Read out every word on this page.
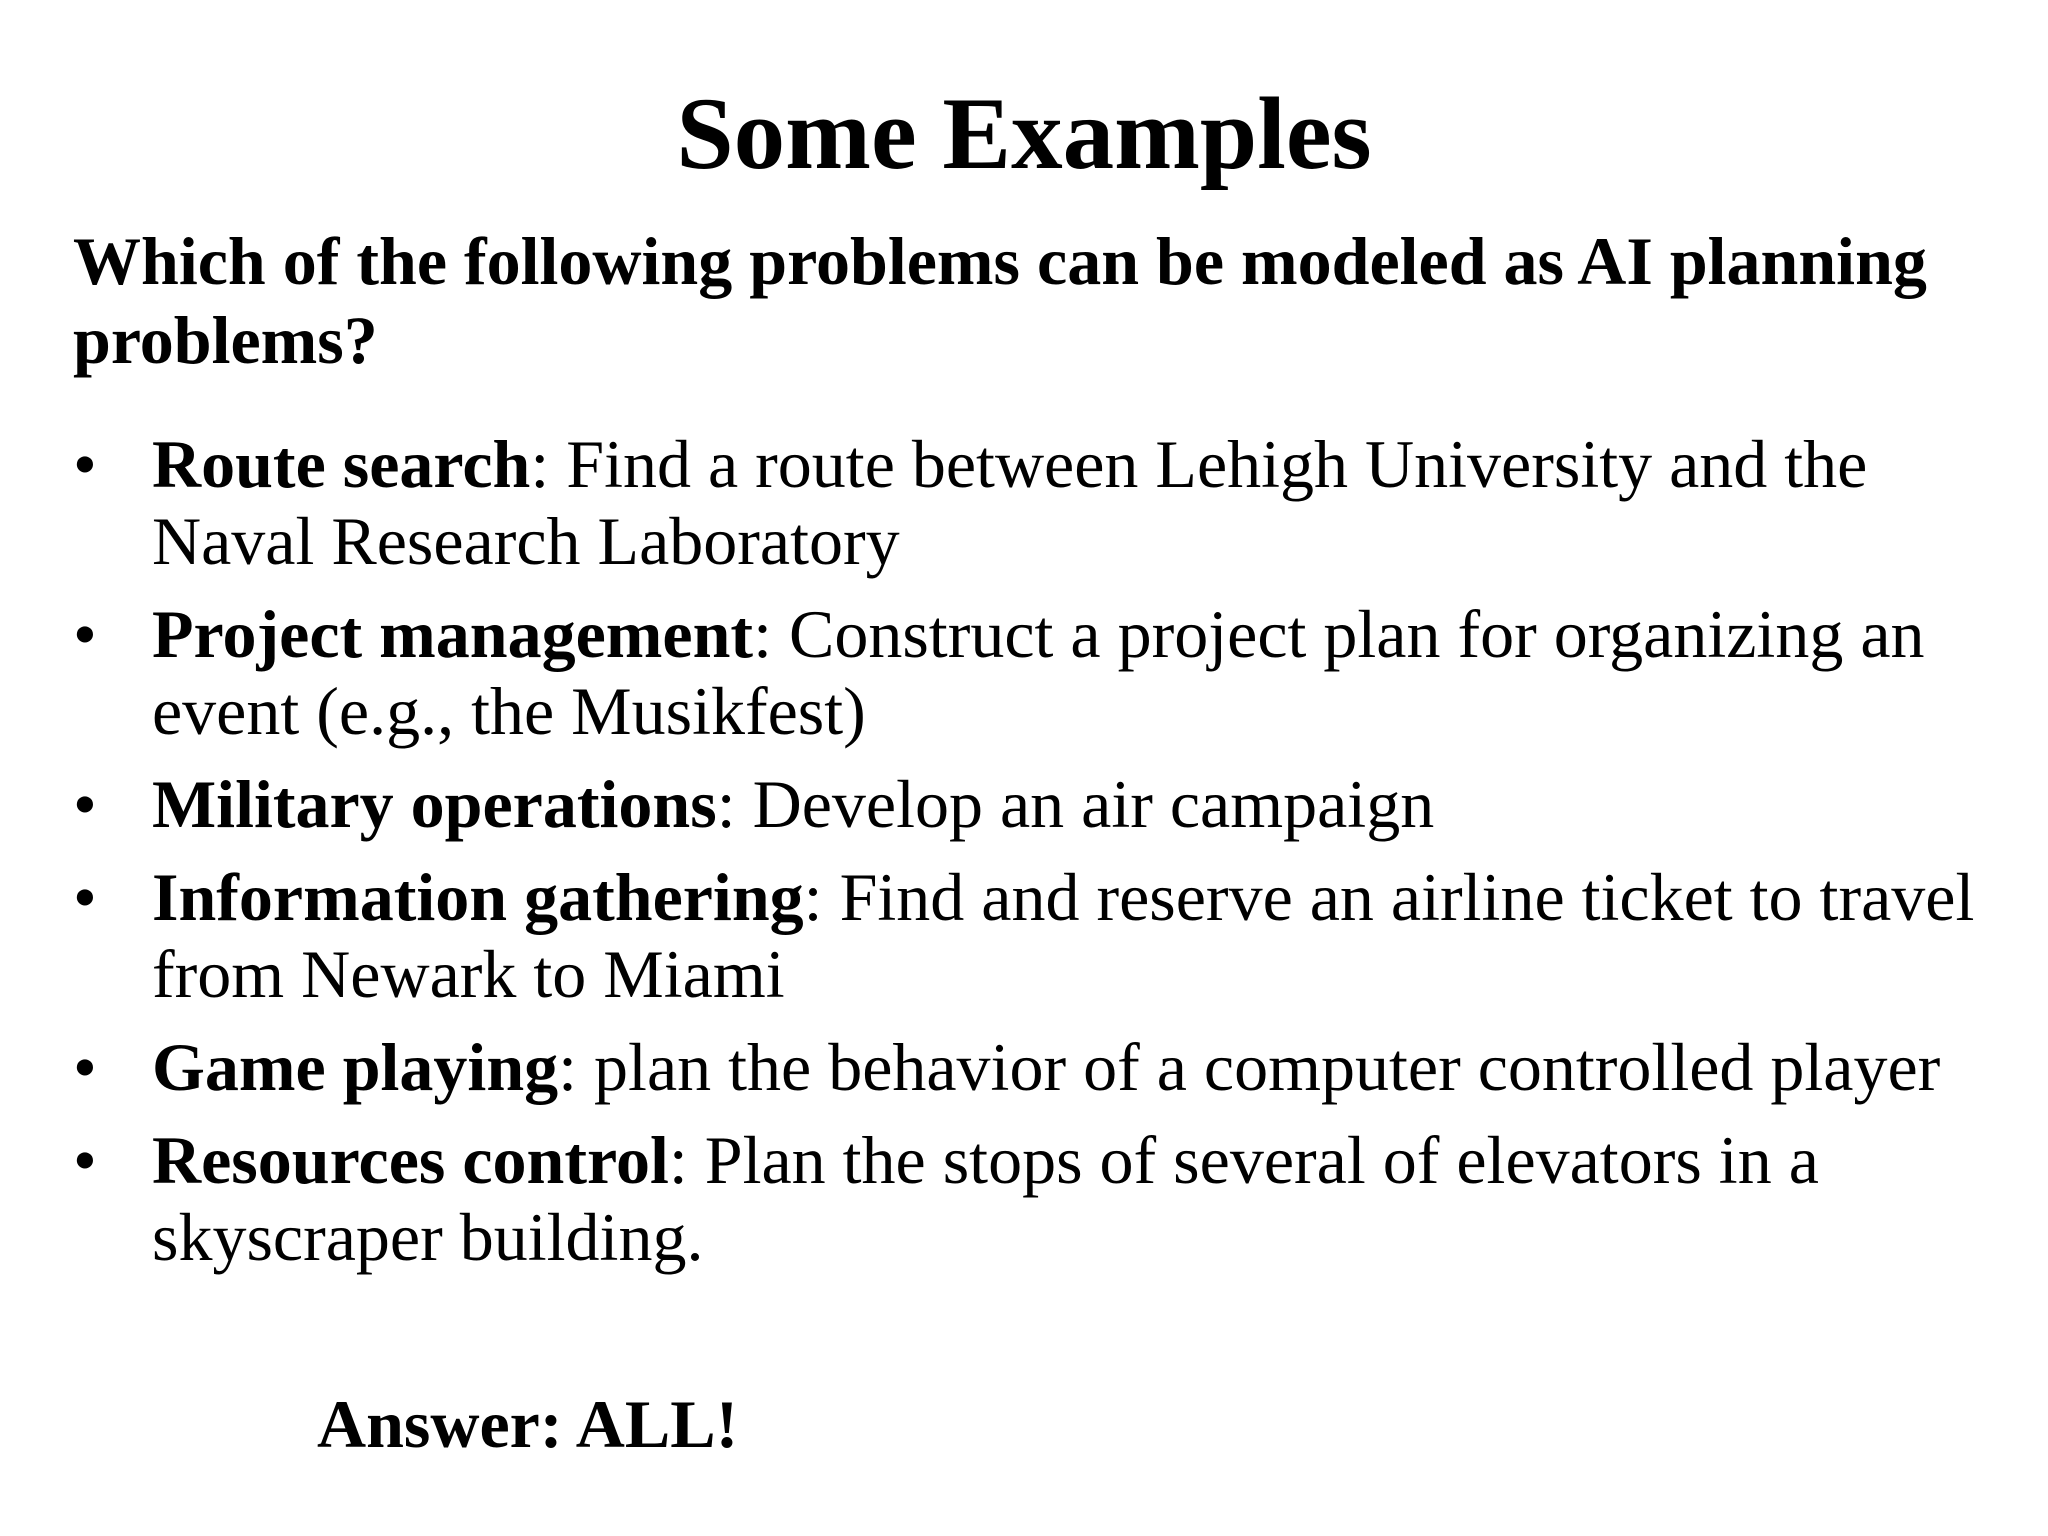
Some Examples

Which of the following problems can be modeled as AI planning problems?

• Route search: Find a route between Lehigh University and the Naval Research Laboratory
• Project management: Construct a project plan for organizing an event (e.g., the Musikfest)
• Military operations: Develop an air campaign
• Information gathering: Find and reserve an airline ticket to travel from Newark to Miami
• Game playing: plan the behavior of a computer controlled player
• Resources control: Plan the stops of several of elevators in a skyscraper building.

Answer: ALL!
